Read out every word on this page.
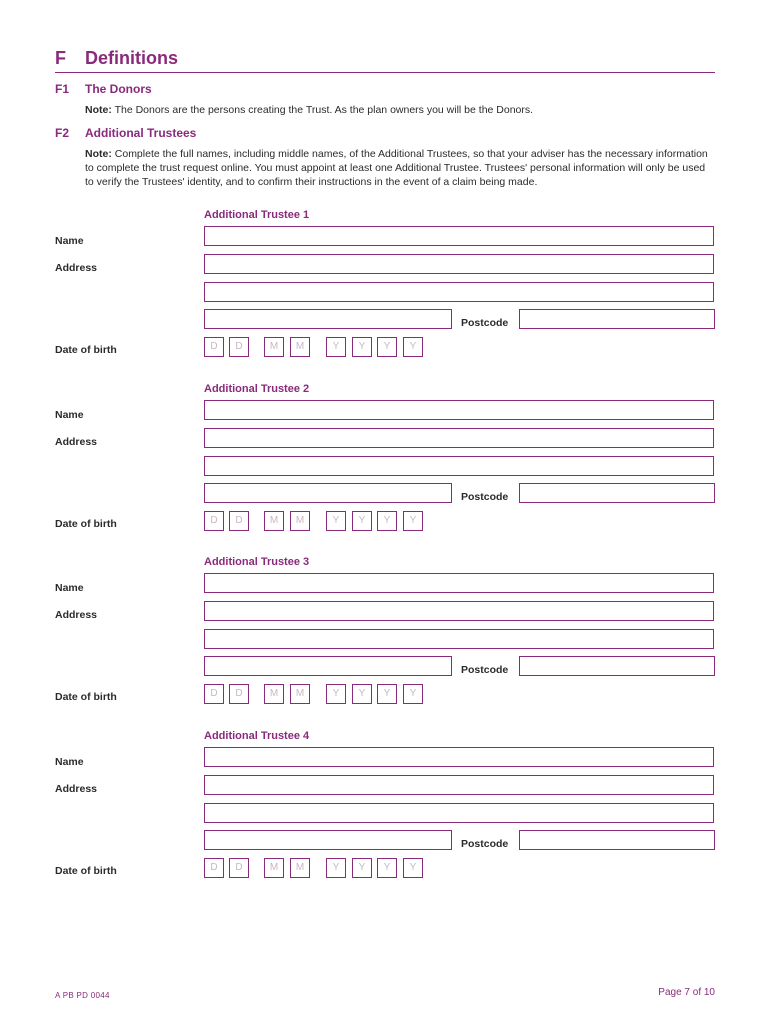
F Definitions
F1 The Donors
Note: The Donors are the persons creating the Trust. As the plan owners you will be the Donors.
F2 Additional Trustees
Note: Complete the full names, including middle names, of the Additional Trustees, so that your adviser has the necessary information to complete the trust request online. You must appoint at least one Additional Trustee. Trustees' personal information will only be used to verify the Trustees' identity, and to confirm their instructions in the event of a claim being made.
Additional Trustee 1
Name
Address
Postcode
Date of birth	D	D	M	M	Y	Y	Y	Y
Additional Trustee 2
Name
Address
Postcode
Date of birth	D	D	M	M	Y	Y	Y	Y
Additional Trustee 3
Name
Address
Postcode
Date of birth	D	D	M	M	Y	Y	Y	Y
Additional Trustee 4
Name
Address
Postcode
Date of birth	D	D	M	M	Y	Y	Y	Y
A PB PD 0044	Page 7 of 10
